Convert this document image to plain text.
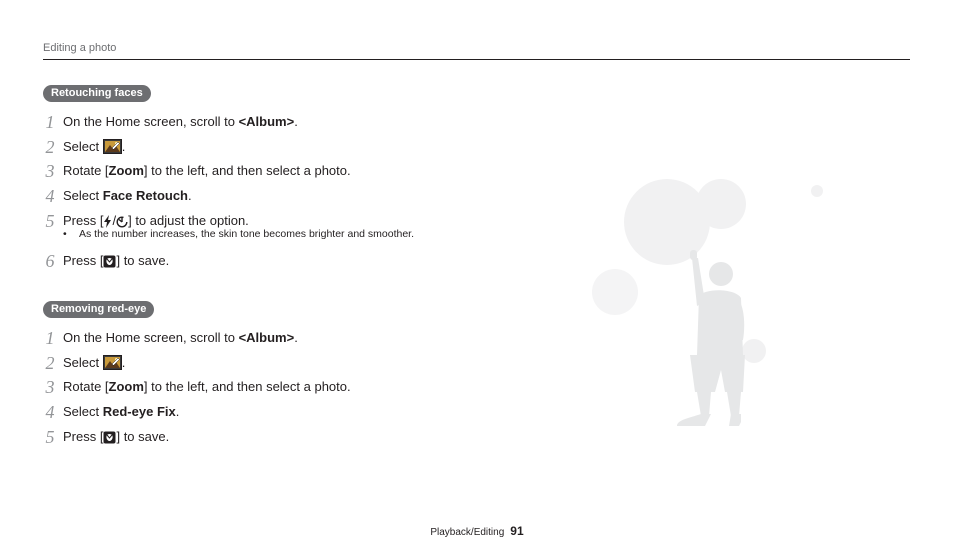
Editing a photo
Retouching faces
1 On the Home screen, scroll to <Album>.
2 Select .
3 Rotate [Zoom] to the left, and then select a photo.
4 Select Face Retouch.
5 Press [ / ] to adjust the option.
• As the number increases, the skin tone becomes brighter and smoother.
6 Press [ ] to save.
Removing red-eye
1 On the Home screen, scroll to <Album>.
2 Select .
3 Rotate [Zoom] to the left, and then select a photo.
4 Select Red-eye Fix.
5 Press [ ] to save.
Playback/Editing 91
